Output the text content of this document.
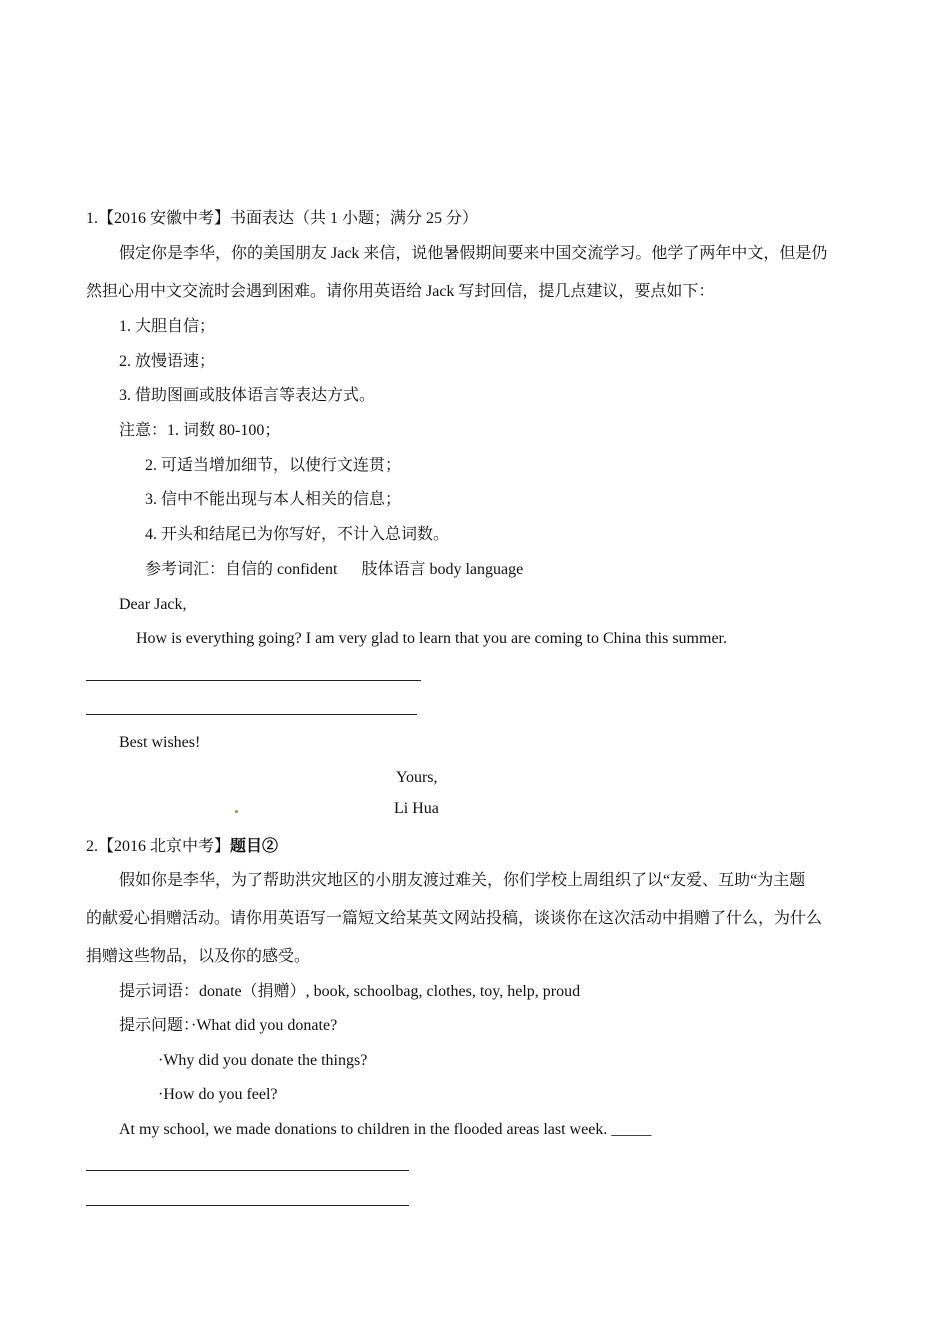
1.【2016 安徽中考】书面表达（共 1 小题；满分 25 分）
假定你是李华，你的美国朋友 Jack 来信，说他暑假期间要来中国交流学习。他学了两年中文，但是仍
然担心用中文交流时会遇到困难。请你用英语给 Jack 写封回信，提几点建议，要点如下：
1. 大胆自信；
2. 放慢语速；
3. 借助图画或肢体语言等表达方式。
注意：1. 词数 80-100；
2. 可适当增加细节，以使行文连贯；
3. 信中不能出现与本人相关的信息；
4. 开头和结尾已为你写好，不计入总词数。
参考词汇：自信的 confident 肢体语言 body language
Dear Jack,
How is everything going? I am very glad to learn that you are coming to China this summer.
Best wishes!
Yours,
Li Hua
2.【2016 北京中考】题目②
假如你是李华，为了帮助洪灾地区的小朋友渡过难关，你们学校上周组织了以“友爱、互助“为主题
的献爱心捐赠活动。请你用英语写一篇短文给某英文网站投稿，谈谈你在这次活动中捐赠了什么，为什么
捐赠这些物品，以及你的感受。
提示词语：donate（捐赠）, book, schoolbag, clothes, toy, help, proud
提示问题：·What did you donate?
·Why did you donate the things?
·How do you feel?
At my school, we made donations to children in the flooded areas last week. _____
